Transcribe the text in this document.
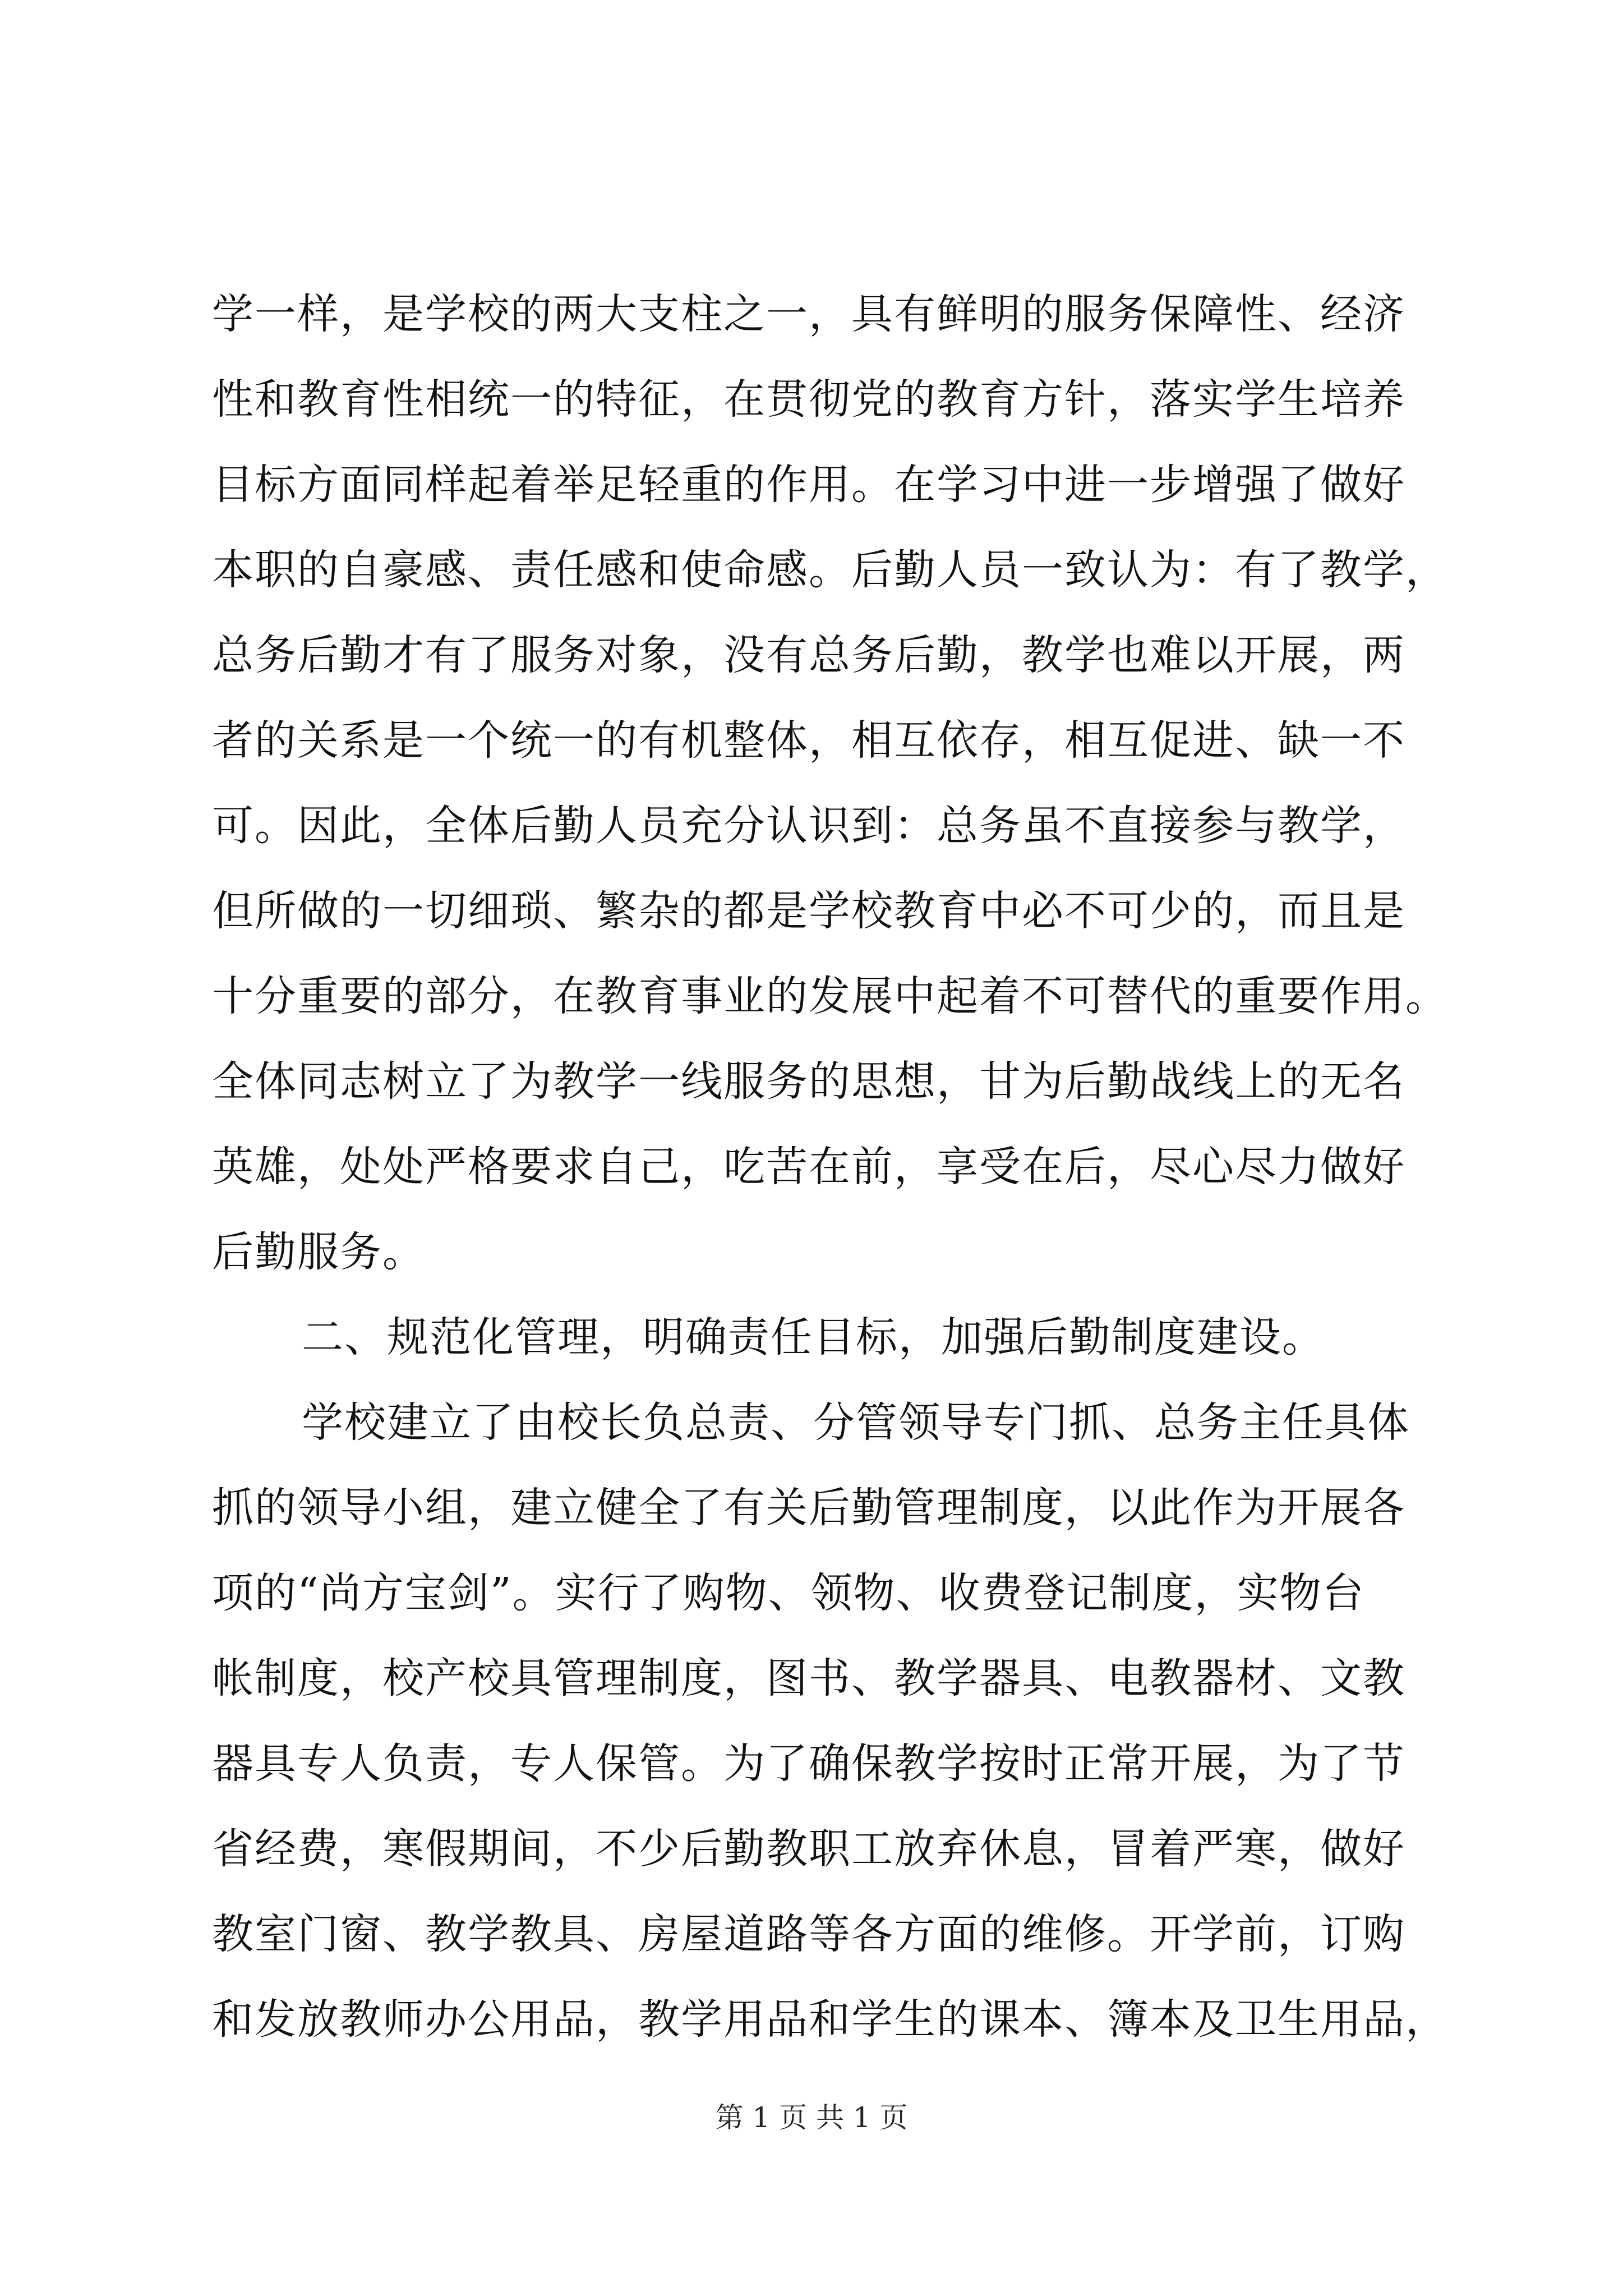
学一样，是学校的两大支柱之一，具有鲜明的服务保障性、经济
性和教育性相统一的特征，在贯彻党的教育方针，落实学生培养
目标方面同样起着举足轻重的作用。在学习中进一步增强了做好
本职的自豪感、责任感和使命感。后勤人员一致认为：有了教学，
总务后勤才有了服务对象，没有总务后勤，教学也难以开展，两
者的关系是一个统一的有机整体，相互依存，相互促进、缺一不
可。因此，全体后勤人员充分认识到：总务虽不直接参与教学，
但所做的一切细琐、繁杂的都是学校教育中必不可少的，而且是
十分重要的部分，在教育事业的发展中起着不可替代的重要作用。
全体同志树立了为教学一线服务的思想，甘为后勤战线上的无名
英雄，处处严格要求自己，吃苦在前，享受在后，尽心尽力做好
后勤服务。
二、规范化管理，明确责任目标，加强后勤制度建设。
学校建立了由校长负总责、分管领导专门抓、总务主任具体
抓的领导小组，建立健全了有关后勤管理制度，以此作为开展各
项的“尚方宝剑”。实行了购物、领物、收费登记制度，实物台
帐制度，校产校具管理制度，图书、教学器具、电教器材、文教
器具专人负责，专人保管。为了确保教学按时正常开展，为了节
省经费，寒假期间，不少后勤教职工放弃休息，冒着严寒，做好
教室门窗、教学教具、房屋道路等各方面的维修。开学前，订购
和发放教师办公用品，教学用品和学生的课本、簿本及卫生用品，
第 1 页 共 1 页
